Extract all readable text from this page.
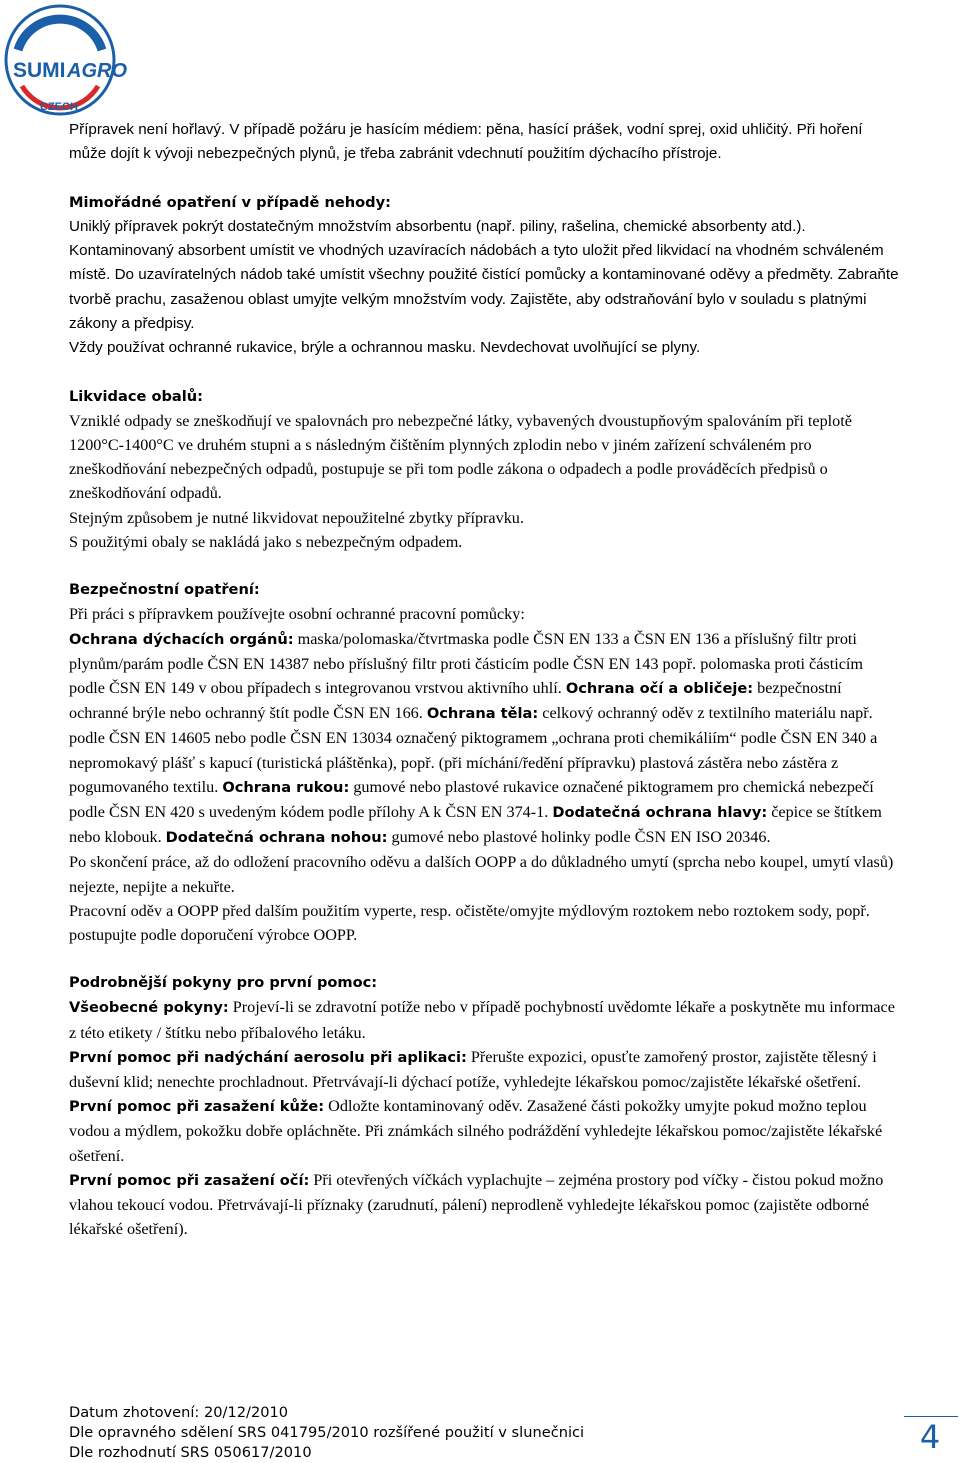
SUMI AGRO
CZECH

Přípravek není hořlavý. V případě požáru je hasícím médiem: pěna, hasící prášek, vodní sprej, oxid uhličitý. Při hoření může dojít k vývoji nebezpečných plynů, je třeba zabránit vdechnutí použitím dýchacího přístroje.

Mimořádné opatření v případě nehody:

Uniklý přípravek pokrýt dostatečným množstvím absorbentu (např. piliny, rašelina, chemické absorbenty atd.). Kontaminovaný absorbent umístit ve vhodných uzavíracích nádobách a tyto uložit před likvidací na vhodném schváleném místě. Do uzavíratelných nádob také umístit všechny použité čistící pomůcky a kontaminované oděvy a předměty. Zabraňte tvorbě prachu, zasaženou oblast umyjte velkým množstvím vody. Zajistěte, aby odstraňování bylo v souladu s platnými zákony a předpisy.

Vždy používat ochranné rukavice, brýle a ochrannou masku. Nevdechovat uvolňující se plyny.

Likvidace obalů:

Vzniklé odpady se zneškodňují ve spalovnách pro nebezpečné látky, vybavených dvoustupňovým spalováním při teplotě 1200°C-1400°C ve druhém stupni a s následným čištěním plynných zplodin nebo v jiném zařízení schváleném pro zneškodňování nebezpečných odpadů, postupuje se při tom podle zákona o odpadech a podle prováděcích předpisů o zneškodňování odpadů.

Stejným způsobem je nutné likvidovat nepoužitelné zbytky přípravku.

S použitými obaly se nakládá jako s nebezpečným odpadem.

Bezpečnostní opatření:

Při práci s přípravkem používejte osobní ochranné pracovní pomůcky:

Ochrana dýchacích orgánů: maska/polomaska/čtvrtmaska podle ČSN EN 133 a ČSN EN 136 a příslušný filtr proti plynům/parám podle ČSN EN 14387 nebo příslušný filtr proti částicím podle ČSN EN 143 popř. polomaska proti částicím podle ČSN EN 149 v obou případech s integrovanou vrstvou aktivního uhlí. Ochrana očí a obličeje: bezpečnostní ochranné brýle nebo ochranný štít podle ČSN EN 166. Ochrana těla: celkový ochranný oděv z textilního materiálu např. podle ČSN EN 14605 nebo podle ČSN EN 13034 označený piktogramem „ochrana proti chemikáliím“ podle ČSN EN 340 a nepromokavý plášť s kapucí (turistická pláštěnka), popř. (při míchání/ředění přípravku) plastová zástěra nebo zástěra z pogumovaného textilu. Ochrana rukou: gumové nebo plastové rukavice označené piktogramem pro chemická nebezpečí podle ČSN EN 420 s uvedeným kódem podle přílohy A k ČSN EN 374-1. Dodatečná ochrana hlavy: čepice se štítkem nebo klobouk. Dodatečná ochrana nohou: gumové nebo plastové holinky podle ČSN EN ISO 20346.

Po skončení práce, až do odložení pracovního oděvu a dalších OOPP a do důkladného umytí (sprcha nebo koupel, umytí vlasů) nejezte, nepijte a nekuřte.

Pracovní oděv a OOPP před dalším použitím vyperte, resp. očistěte/omyjte mýdlovým roztokem nebo roztokem sody, popř. postupujte podle doporučení výrobce OOPP.

Podrobnější pokyny pro první pomoc:

Všeobecné pokyny: Projeví-li se zdravotní potíže nebo v případě pochybností uvědomte lékaře a poskytněte mu informace z této etikety / štítku nebo příbalového letáku.

První pomoc při nadýchání aerosolu při aplikaci: Přerušte expozici, opusťte zamořený prostor, zajistěte tělesný i duševní klid; nenechte prochladnout. Přetrvávají-li dýchací potíže, vyhledejte lékařskou pomoc/zajistěte lékařské ošetření.

První pomoc při zasažení kůže: Odložte kontaminovaný oděv. Zasažené části pokožky umyjte pokud možno teplou vodou a mýdlem, pokožku dobře opláchněte. Při známkách silného podráždění vyhledejte lékařskou pomoc/zajistěte lékařské ošetření.

První pomoc při zasažení očí: Při otevřených víčkách vyplachujte – zejména prostory pod víčky - čistou pokud možno vlahou tekoucí vodou. Přetrvávají-li příznaky (zarudnutí, pálení) neprodleně vyhledejte lékařskou pomoc (zajistěte odborné lékařské ošetření).

Datum zhotovení: 20/12/2010
Dle opravného sdělení SRS 041795/2010 rozšířené použití v slunečnici
Dle rozhodnutí SRS 050617/2010	4
